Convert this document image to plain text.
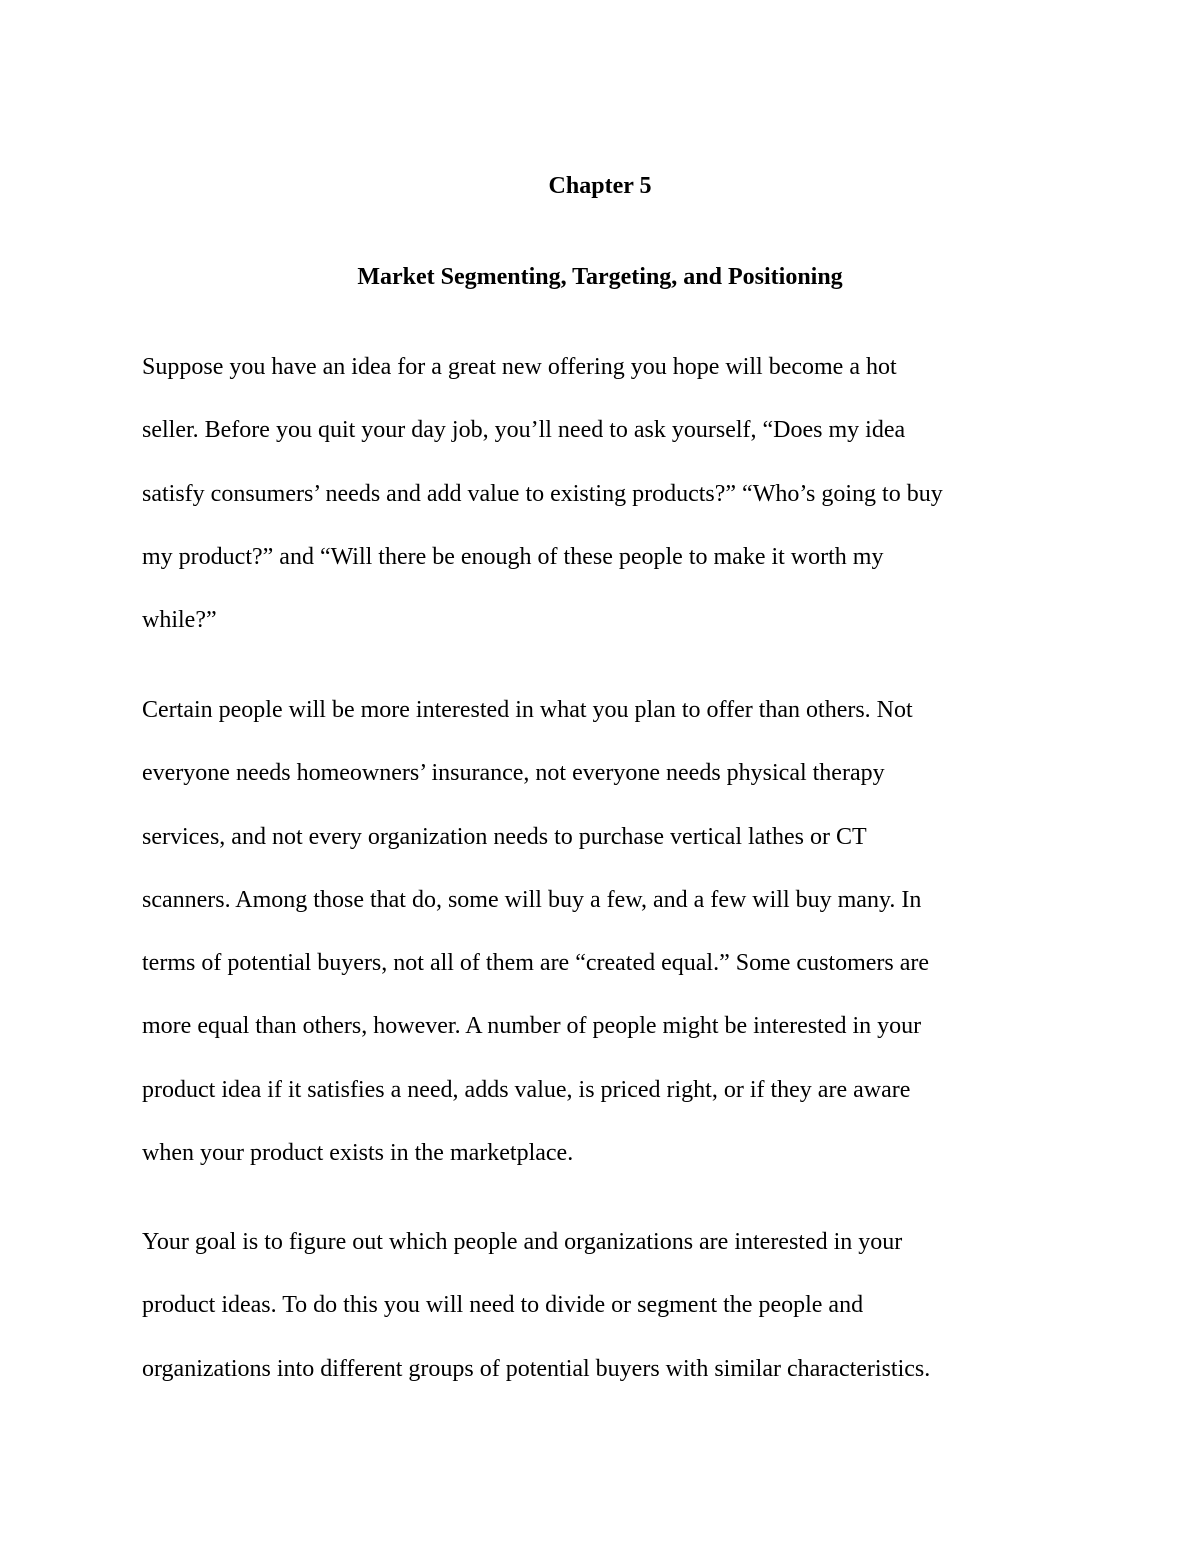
Chapter 5
Market Segmenting, Targeting, and Positioning

Suppose you have an idea for a great new offering you hope will become a hot
seller. Before you quit your day job, you’ll need to ask yourself, “Does my idea
satisfy consumers’ needs and add value to existing products?” “Who’s going to buy
my product?” and “Will there be enough of these people to make it worth my
while?”

Certain people will be more interested in what you plan to offer than others. Not
everyone needs homeowners’ insurance, not everyone needs physical therapy
services, and not every organization needs to purchase vertical lathes or CT
scanners. Among those that do, some will buy a few, and a few will buy many. In
terms of potential buyers, not all of them are “created equal.” Some customers are
more equal than others, however. A number of people might be interested in your
product idea if it satisfies a need, adds value, is priced right, or if they are aware
when your product exists in the marketplace.

Your goal is to figure out which people and organizations are interested in your
product ideas. To do this you will need to divide or segment the people and
organizations into different groups of potential buyers with similar characteristics.
